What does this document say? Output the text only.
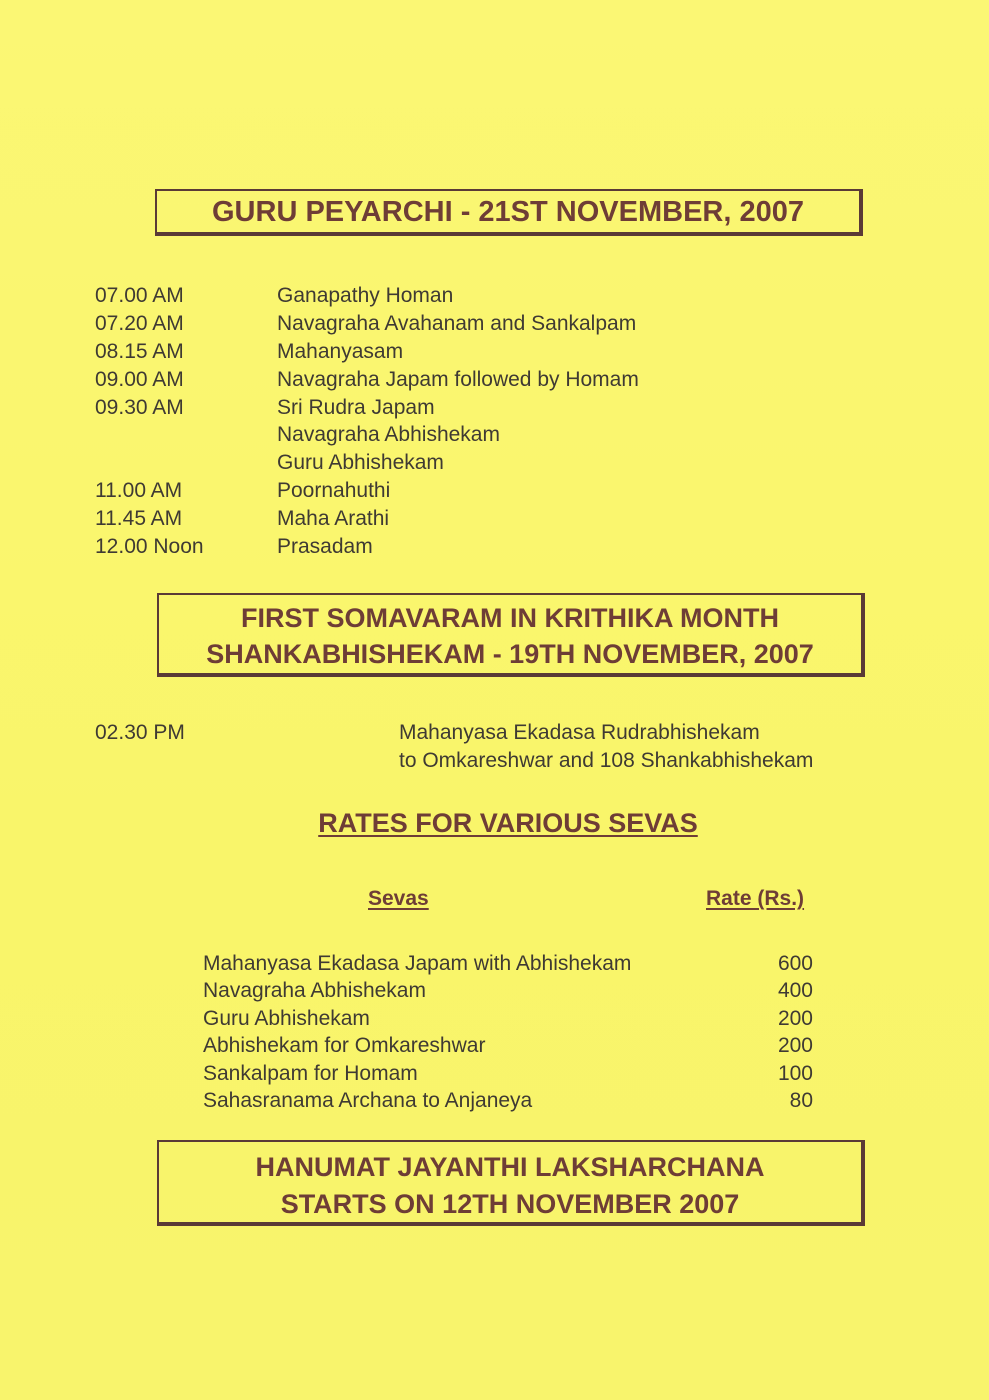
GURU PEYARCHI - 21ST NOVEMBER, 2007
07.00 AM	Ganapathy Homan
07.20 AM	Navagraha Avahanam and Sankalpam
08.15 AM	Mahanyasam
09.00 AM	Navagraha Japam followed by Homam
09.30 AM	Sri Rudra Japam
Navagraha Abhishekam
Guru Abhishekam
11.00 AM	Poornahuthi
11.45 AM	Maha Arathi
12.00 Noon	Prasadam
FIRST SOMAVARAM IN KRITHIKA MONTH
SHANKABHISHEKAM - 19TH NOVEMBER, 2007
02.30 PM	Mahanyasa Ekadasa Rudrabhishekam
to Omkareshwar and 108 Shankabhishekam
RATES FOR VARIOUS SEVAS
Sevas	Rate (Rs.)
Mahanyasa Ekadasa Japam with Abhishekam	600
Navagraha Abhishekam	400
Guru Abhishekam	200
Abhishekam for Omkareshwar	200
Sankalpam for Homam	100
Sahasranama Archana to Anjaneya	80
HANUMAT JAYANTHI LAKSHARCHANA
STARTS ON 12TH NOVEMBER 2007
